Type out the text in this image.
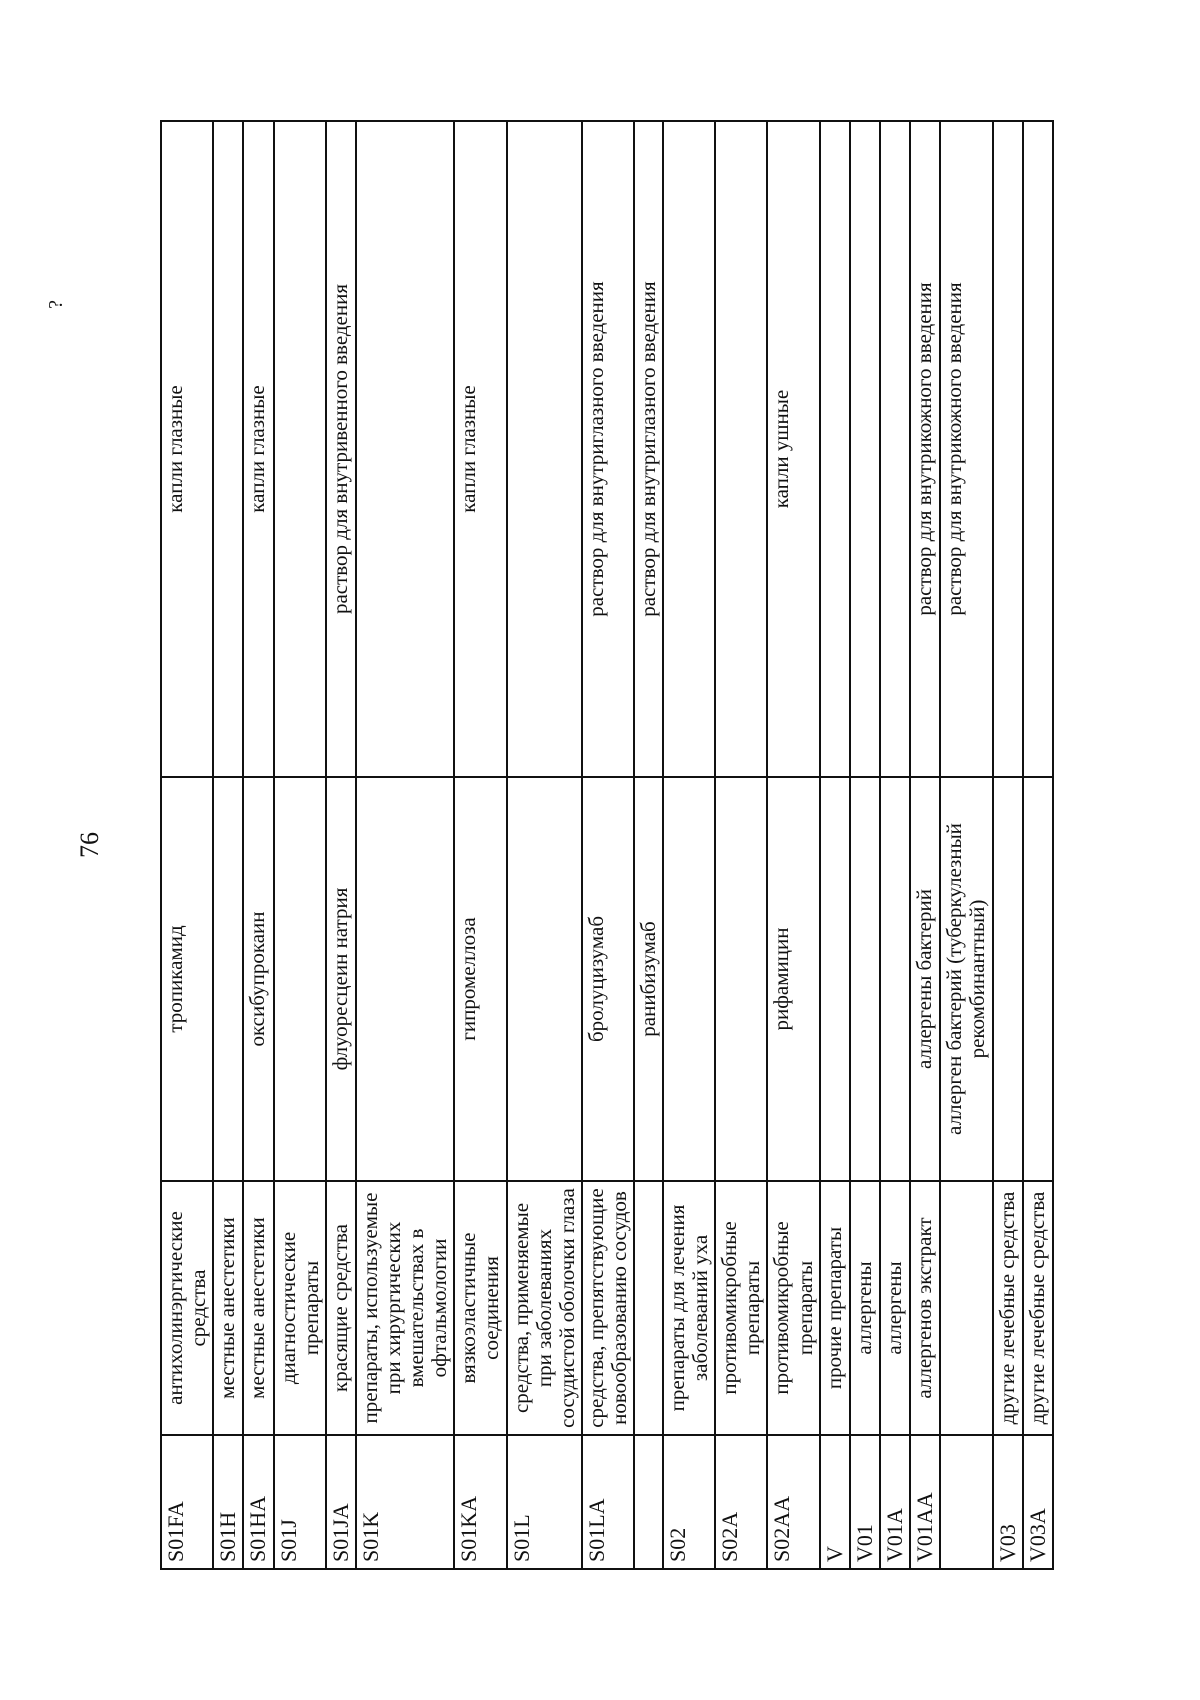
76
?
S01FA	антихолинэргические средства	тропикамид	капли глазные
S01H	местные анестетики		
S01HA	местные анестетики	оксибупрокаин	капли глазные
S01J	диагностические препараты		
S01JA	красящие средства	флуоресцеин натрия	раствор для внутривенного введения
S01K	препараты, используемые при хирургических вмешательствах в офтальмологии		
S01KA	вязкоэластичные соединения	гипромеллоза	капли глазные
S01L	средства, применяемые при заболеваниях сосудистой оболочки глаза		
S01LA	средства, препятствующие новообразованию сосудов	бролуцизумаб	раствор для внутриглазного введения
		ранибизумаб	раствор для внутриглазного введения
S02	препараты для лечения заболеваний уха		
S02A	противомикробные препараты		
S02AA	противомикробные препараты	рифамицин	капли ушные
V	прочие препараты		
V01	аллергены		
V01A	аллергены		
V01AA	аллергенов экстракт	аллергены бактерий	раствор для внутрикожного введения
		аллерген бактерий (туберкулезный рекомбинантный)	раствор для внутрикожного введения
V03	другие лечебные средства		
V03A	другие лечебные средства		
